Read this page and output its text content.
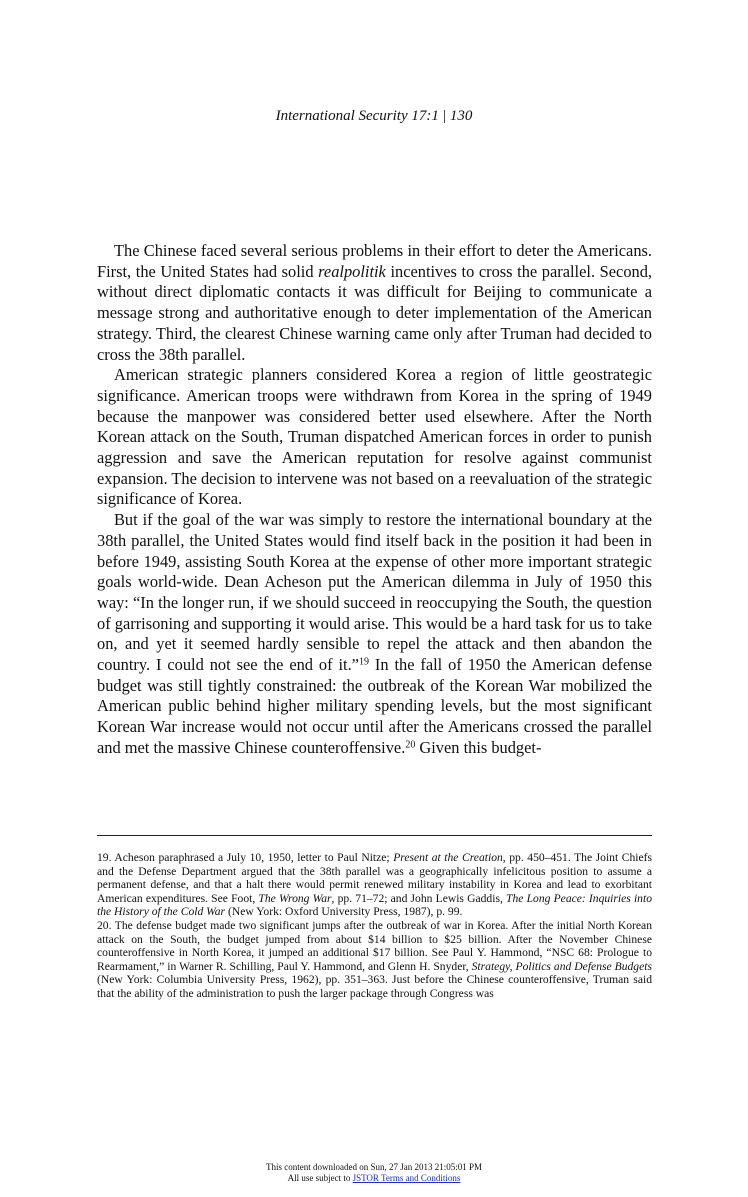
International Security 17:1 | 130

The Chinese faced several serious problems in their effort to deter the Americans. First, the United States had solid realpolitik incentives to cross the parallel. Second, without direct diplomatic contacts it was difficult for Beijing to communicate a message strong and authoritative enough to deter implementation of the American strategy. Third, the clearest Chinese warning came only after Truman had decided to cross the 38th parallel.

American strategic planners considered Korea a region of little geostrategic significance. American troops were withdrawn from Korea in the spring of 1949 because the manpower was considered better used elsewhere. After the North Korean attack on the South, Truman dispatched American forces in order to punish aggression and save the American reputation for resolve against communist expansion. The decision to intervene was not based on a reevaluation of the strategic significance of Korea.

But if the goal of the war was simply to restore the international boundary at the 38th parallel, the United States would find itself back in the position it had been in before 1949, assisting South Korea at the expense of other more important strategic goals world-wide. Dean Acheson put the American dilemma in July of 1950 this way: “In the longer run, if we should succeed in reoccupying the South, the question of garrisoning and supporting it would arise. This would be a hard task for us to take on, and yet it seemed hardly sensible to repel the attack and then abandon the country. I could not see the end of it.”$^{19}$ In the fall of 1950 the American defense budget was still tightly constrained: the outbreak of the Korean War mobilized the American public behind higher military spending levels, but the most significant Korean War increase would not occur until after the Americans crossed the parallel and met the massive Chinese counteroffensive.$^{20}$ Given this budget-

19. Acheson paraphrased a July 10, 1950, letter to Paul Nitze; Present at the Creation, pp. 450–451. The Joint Chiefs and the Defense Department argued that the 38th parallel was a geographically infelicitous position to assume a permanent defense, and that a halt there would permit renewed military instability in Korea and lead to exorbitant American expenditures. See Foot, The Wrong War, pp. 71–72; and John Lewis Gaddis, The Long Peace: Inquiries into the History of the Cold War (New York: Oxford University Press, 1987), p. 99.

20. The defense budget made two significant jumps after the outbreak of war in Korea. After the initial North Korean attack on the South, the budget jumped from about $14 billion to $25 billion. After the November Chinese counteroffensive in North Korea, it jumped an additional $17 billion. See Paul Y. Hammond, “NSC 68: Prologue to Rearmament,” in Warner R. Schilling, Paul Y. Hammond, and Glenn H. Snyder, Strategy, Politics and Defense Budgets (New York: Columbia University Press, 1962), pp. 351–363. Just before the Chinese counteroffensive, Truman said that the ability of the administration to push the larger package through Congress was

This content downloaded on Sun, 27 Jan 2013 21:05:01 PM
All use subject to JSTOR Terms and Conditions
